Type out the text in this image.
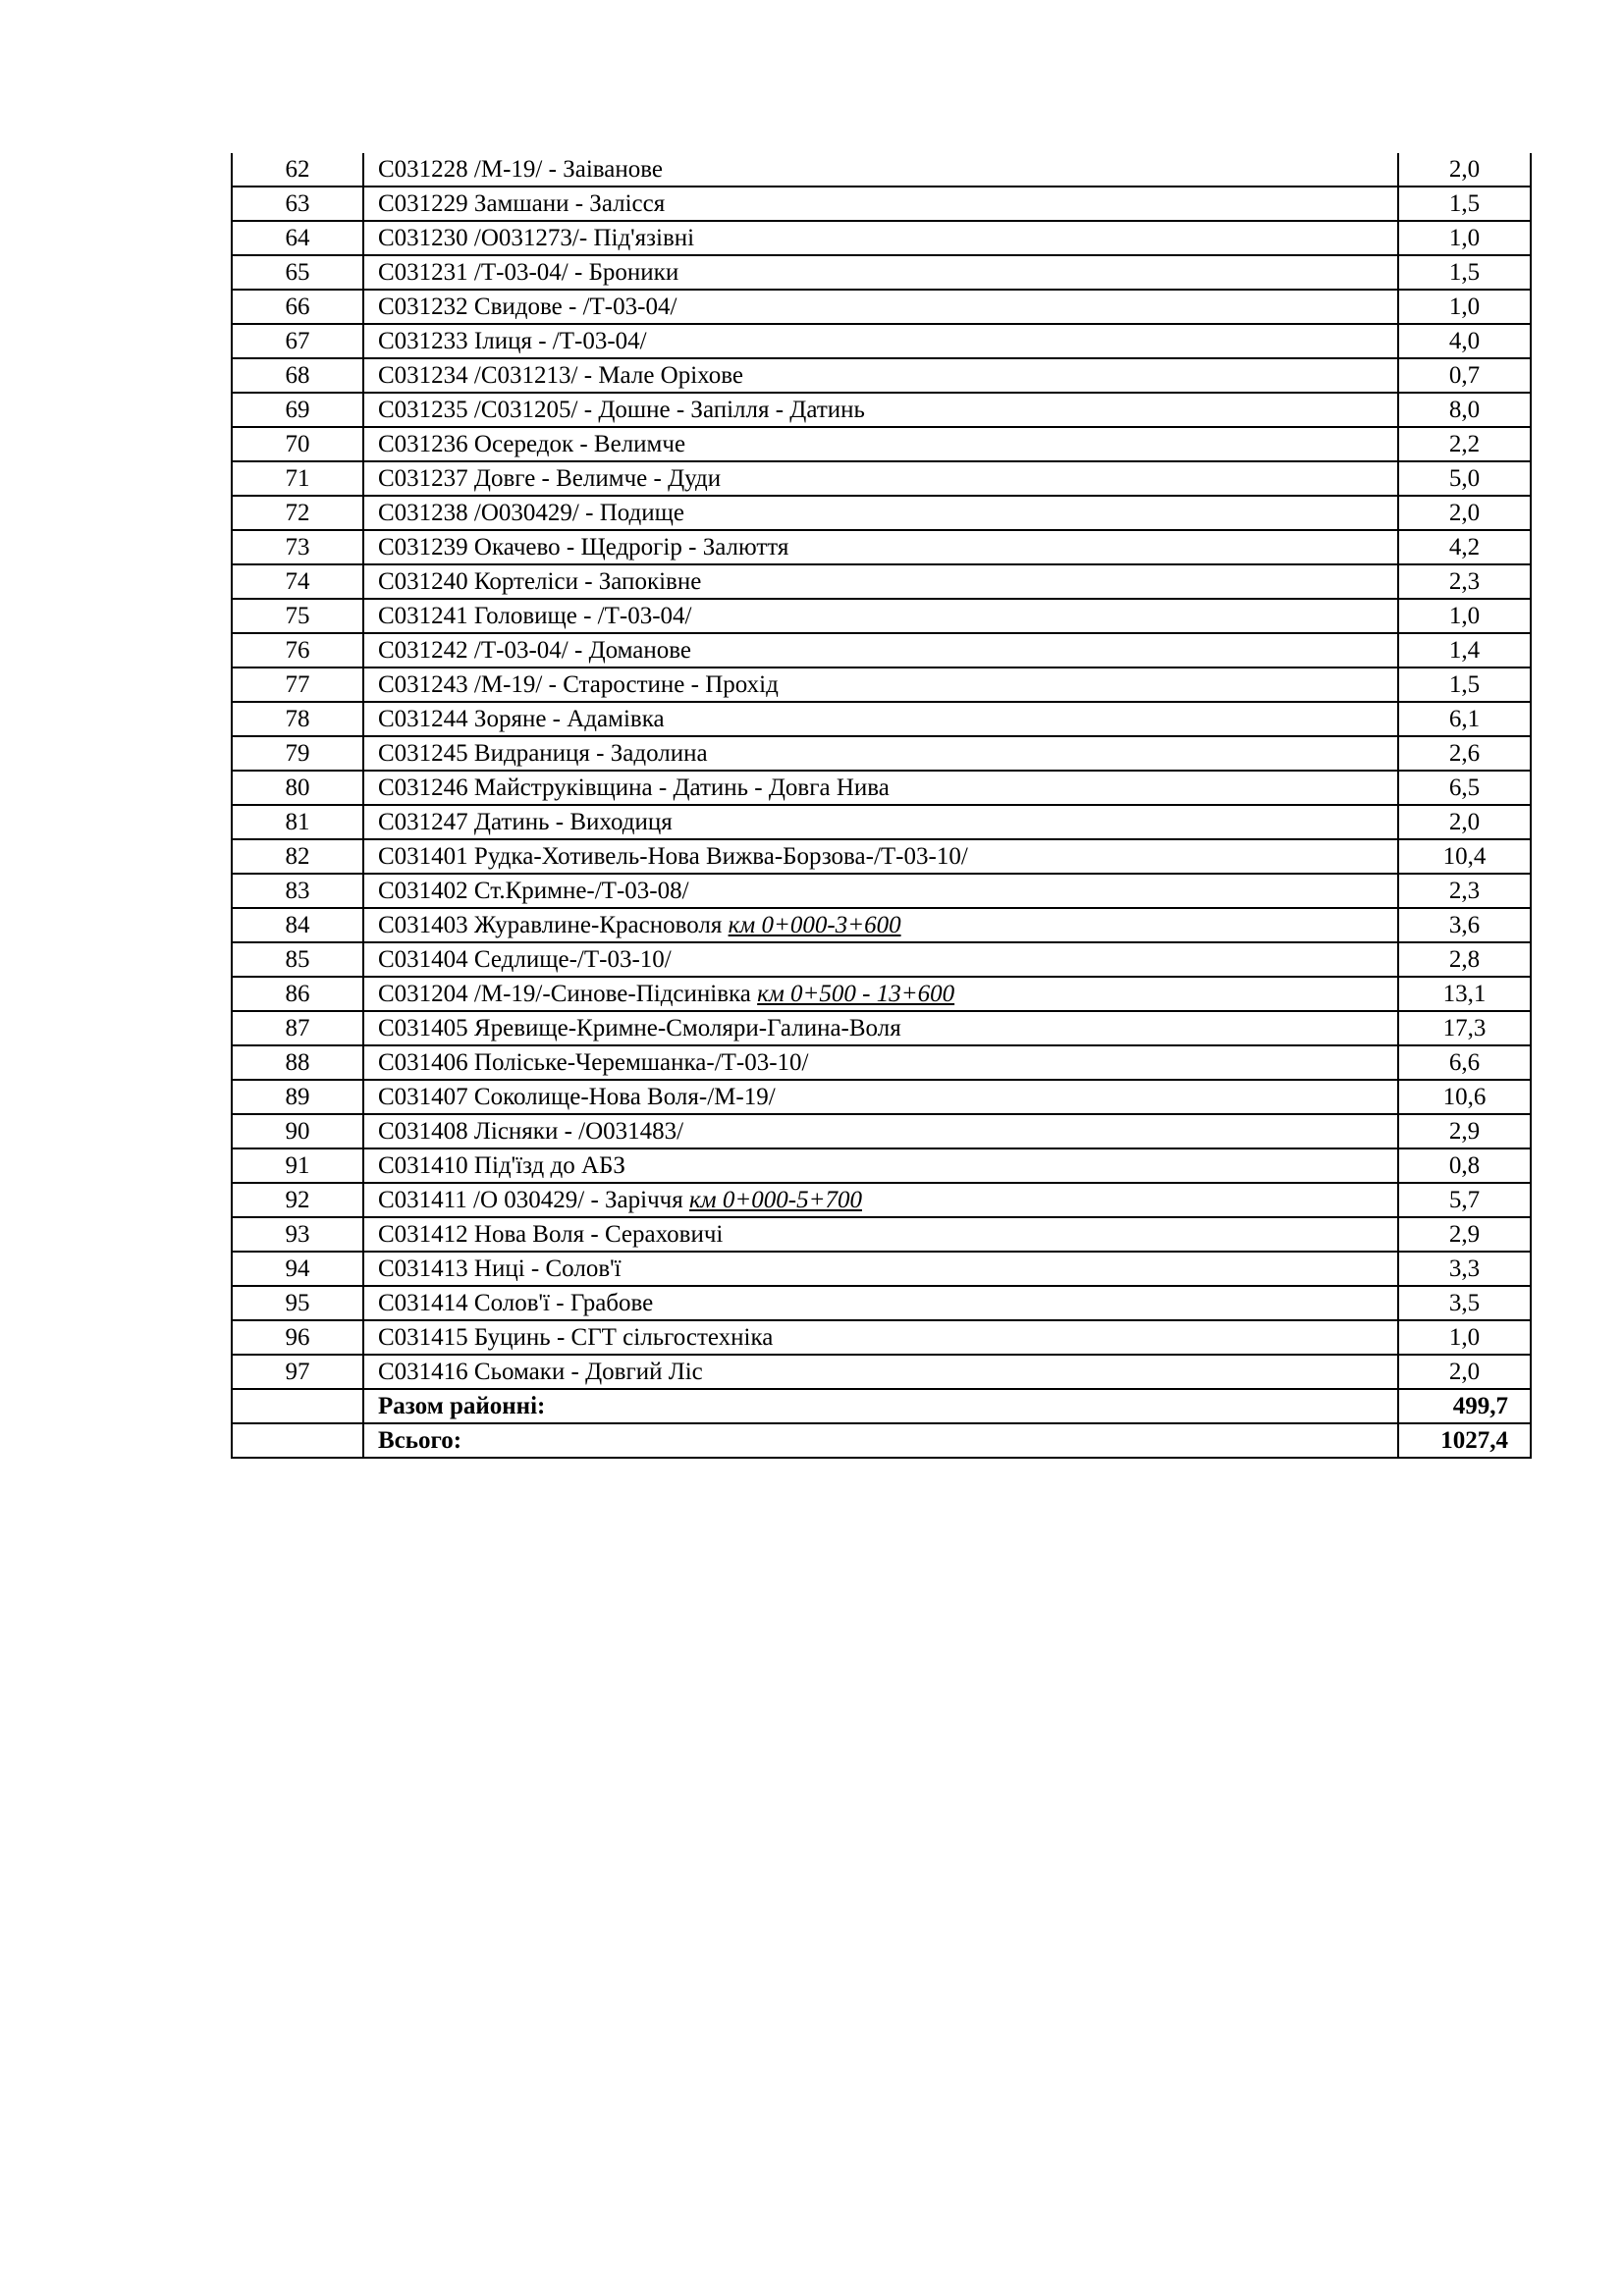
62	С031228 /М-19/ - Заіванове	2,0
63	С031229 Замшани - Залісся	1,5
64	С031230 /О031273/- Під'язівні	1,0
65	С031231 /Т-03-04/ - Броники	1,5
66	С031232 Свидове - /Т-03-04/	1,0
67	С031233 Ілиця - /Т-03-04/	4,0
68	С031234 /С031213/ - Мале Оріхове	0,7
69	С031235 /С031205/ - Дошне - Запілля - Датинь	8,0
70	С031236 Осередок - Велимче	2,2
71	С031237 Довге - Велимче - Дуди	5,0
72	С031238 /О030429/ - Подище	2,0
73	С031239 Окачево - Щедрогір - Залюття	4,2
74	С031240 Кортеліси - Запоківне	2,3
75	С031241 Головище - /Т-03-04/	1,0
76	С031242 /Т-03-04/ - Доманове	1,4
77	С031243 /М-19/ - Старостине - Прохід	1,5
78	С031244 Зоряне - Адамівка	6,1
79	С031245 Видраниця - Задолина	2,6
80	С031246 Майструківщина - Датинь - Довга Нива	6,5
81	С031247 Датинь - Виходиця	2,0
82	С031401 Рудка-Хотивель-Нова Вижва-Борзова-/Т-03-10/	10,4
83	С031402 Ст.Кримне-/Т-03-08/	2,3
84	С031403 Журавлине-Красноволя км 0+000-3+600	3,6
85	С031404 Седлище-/Т-03-10/	2,8
86	С031204 /М-19/-Синове-Підсинівка км 0+500 - 13+600	13,1
87	С031405 Яревище-Кримне-Смоляри-Галина-Воля	17,3
88	С031406 Поліське-Черемшанка-/Т-03-10/	6,6
89	С031407 Соколище-Нова Воля-/М-19/	10,6
90	С031408 Лісняки - /О031483/	2,9
91	С031410 Під'їзд до АБЗ	0,8
92	С031411 /О 030429/ - Заріччя км 0+000-5+700	5,7
93	С031412 Нова Воля - Сераховичі	2,9
94	С031413 Ниці - Солов'ї	3,3
95	С031414 Солов'ї - Грабове	3,5
96	С031415 Буцинь - СГТ сільгостехніка	1,0
97	С031416 Сьомаки - Довгий Ліс	2,0
	Разом районні:	499,7
	Всього:	1027,4
